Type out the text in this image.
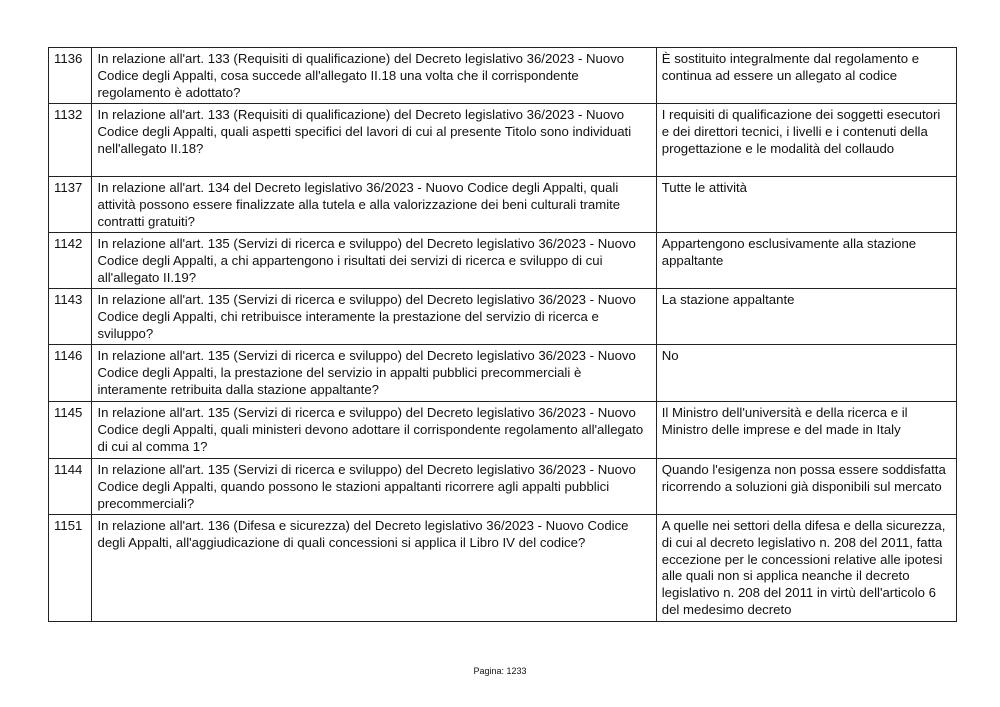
1136	In relazione all'art. 133 (Requisiti di qualificazione) del Decreto legislativo 36/2023 - Nuovo Codice degli Appalti, cosa succede all'allegato II.18 una volta che il corrispondente regolamento è adottato?	È sostituito integralmente dal regolamento e continua ad essere un allegato al codice
1132	In relazione all'art. 133 (Requisiti di qualificazione) del Decreto legislativo 36/2023 - Nuovo Codice degli Appalti, quali aspetti specifici del lavori di cui al presente Titolo sono individuati nell'allegato II.18?	I requisiti di qualificazione dei soggetti esecutori e dei direttori tecnici, i livelli e i contenuti della progettazione e le modalità del collaudo
1137	In relazione all'art. 134 del Decreto legislativo 36/2023 - Nuovo Codice degli Appalti, quali attività possono essere finalizzate alla tutela e alla valorizzazione dei beni culturali tramite contratti gratuiti?	Tutte le attività
1142	In relazione all'art. 135 (Servizi di ricerca e sviluppo) del Decreto legislativo 36/2023 - Nuovo Codice degli Appalti, a chi appartengono i risultati dei servizi di ricerca e sviluppo di cui all'allegato II.19?	Appartengono esclusivamente alla stazione appaltante
1143	In relazione all'art. 135 (Servizi di ricerca e sviluppo) del Decreto legislativo 36/2023 - Nuovo Codice degli Appalti, chi retribuisce interamente la prestazione del servizio di ricerca e sviluppo?	La stazione appaltante
1146	In relazione all'art. 135 (Servizi di ricerca e sviluppo) del Decreto legislativo 36/2023 - Nuovo Codice degli Appalti, la prestazione del servizio in appalti pubblici precommerciali è interamente retribuita dalla stazione appaltante?	No
1145	In relazione all'art. 135 (Servizi di ricerca e sviluppo) del Decreto legislativo 36/2023 - Nuovo Codice degli Appalti, quali ministeri devono adottare il corrispondente regolamento all'allegato di cui al comma 1?	Il Ministro dell'università e della ricerca e il Ministro delle imprese e del made in Italy
1144	In relazione all'art. 135 (Servizi di ricerca e sviluppo) del Decreto legislativo 36/2023 - Nuovo Codice degli Appalti, quando possono le stazioni appaltanti ricorrere agli appalti pubblici precommerciali?	Quando l'esigenza non possa essere soddisfatta ricorrendo a soluzioni già disponibili sul mercato
1151	In relazione all'art. 136 (Difesa e sicurezza) del Decreto legislativo 36/2023 - Nuovo Codice degli Appalti, all'aggiudicazione di quali concessioni si applica il Libro IV del codice?	A quelle nei settori della difesa e della sicurezza, di cui al decreto legislativo n. 208 del 2011, fatta eccezione per le concessioni relative alle ipotesi alle quali non si applica neanche il decreto legislativo n. 208 del 2011 in virtù dell'articolo 6 del medesimo decreto
Pagina: 1233
